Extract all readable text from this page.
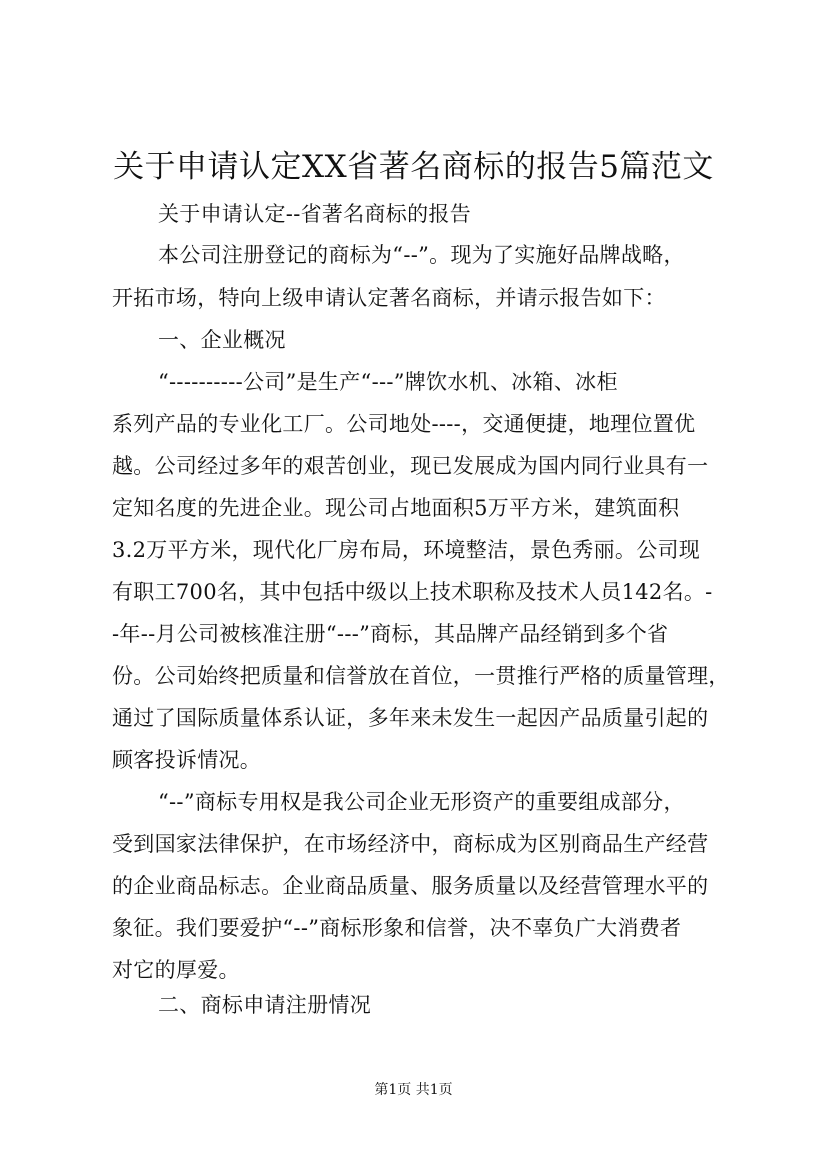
关于申请认定XX省著名商标的报告5篇范文
关于申请认定--省著名商标的报告
本公司注册登记的商标为“--”。现为了实施好品牌战略，
开拓市场，特向上级申请认定著名商标，并请示报告如下：
一、企业概况
“----------公司”是生产“---”牌饮水机、冰箱、冰柜
系列产品的专业化工厂。公司地处----，交通便捷，地理位置优
越。公司经过多年的艰苦创业，现已发展成为国内同行业具有一
定知名度的先进企业。现公司占地面积5万平方米，建筑面积
3.2万平方米，现代化厂房布局，环境整洁，景色秀丽。公司现
有职工700名，其中包括中级以上技术职称及技术人员142名。-
-年--月公司被核准注册“---”商标，其品牌产品经销到多个省
份。公司始终把质量和信誉放在首位，一贯推行严格的质量管理，
通过了国际质量体系认证，多年来未发生一起因产品质量引起的
顾客投诉情况。
“--”商标专用权是我公司企业无形资产的重要组成部分，
受到国家法律保护，在市场经济中，商标成为区别商品生产经营
的企业商品标志。企业商品质量、服务质量以及经营管理水平的
象征。我们要爱护“--”商标形象和信誉，决不辜负广大消费者
对它的厚爱。
二、商标申请注册情况
第1页 共1页
